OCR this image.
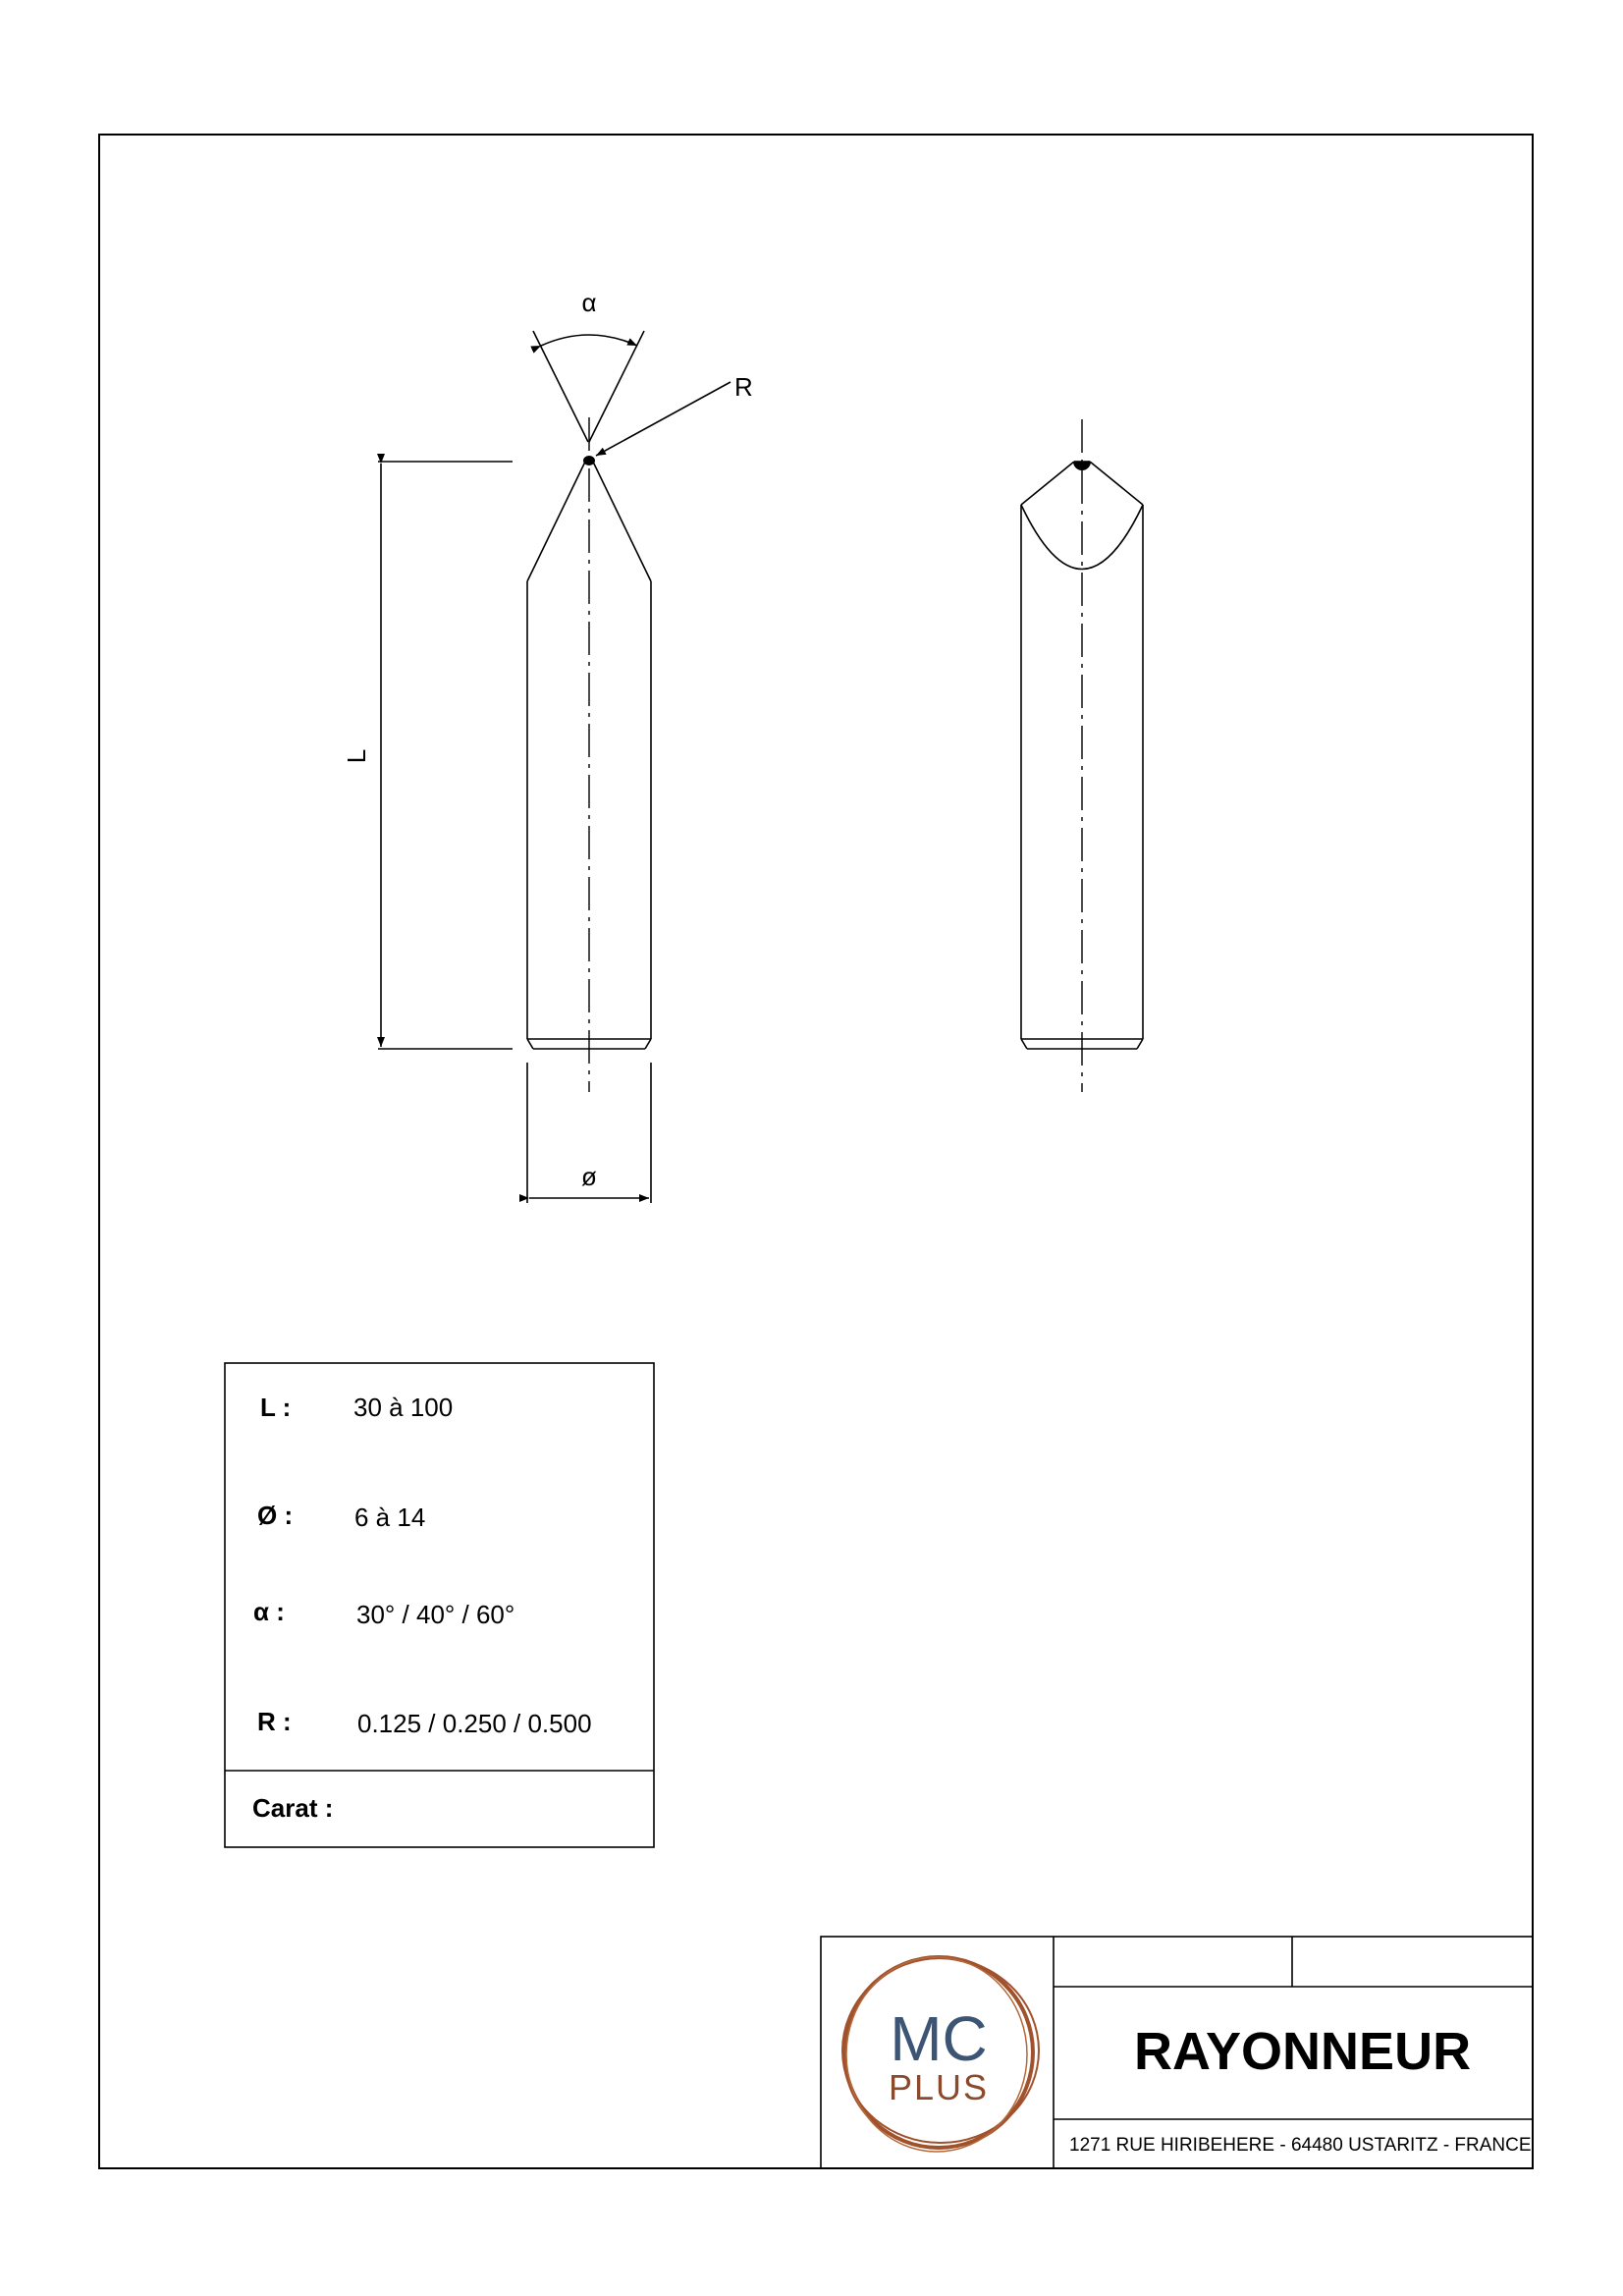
α
R
L
ø
MC
PLUS
L : 30 à 100
Ø : 6 à 14
α :	30° / 40° / 60°
R :	0.125 / 0.250 / 0.500
Carat :
RAYONNEUR
1271 RUE HIRIBEHERE - 64480 USTARITZ - FRANCE
